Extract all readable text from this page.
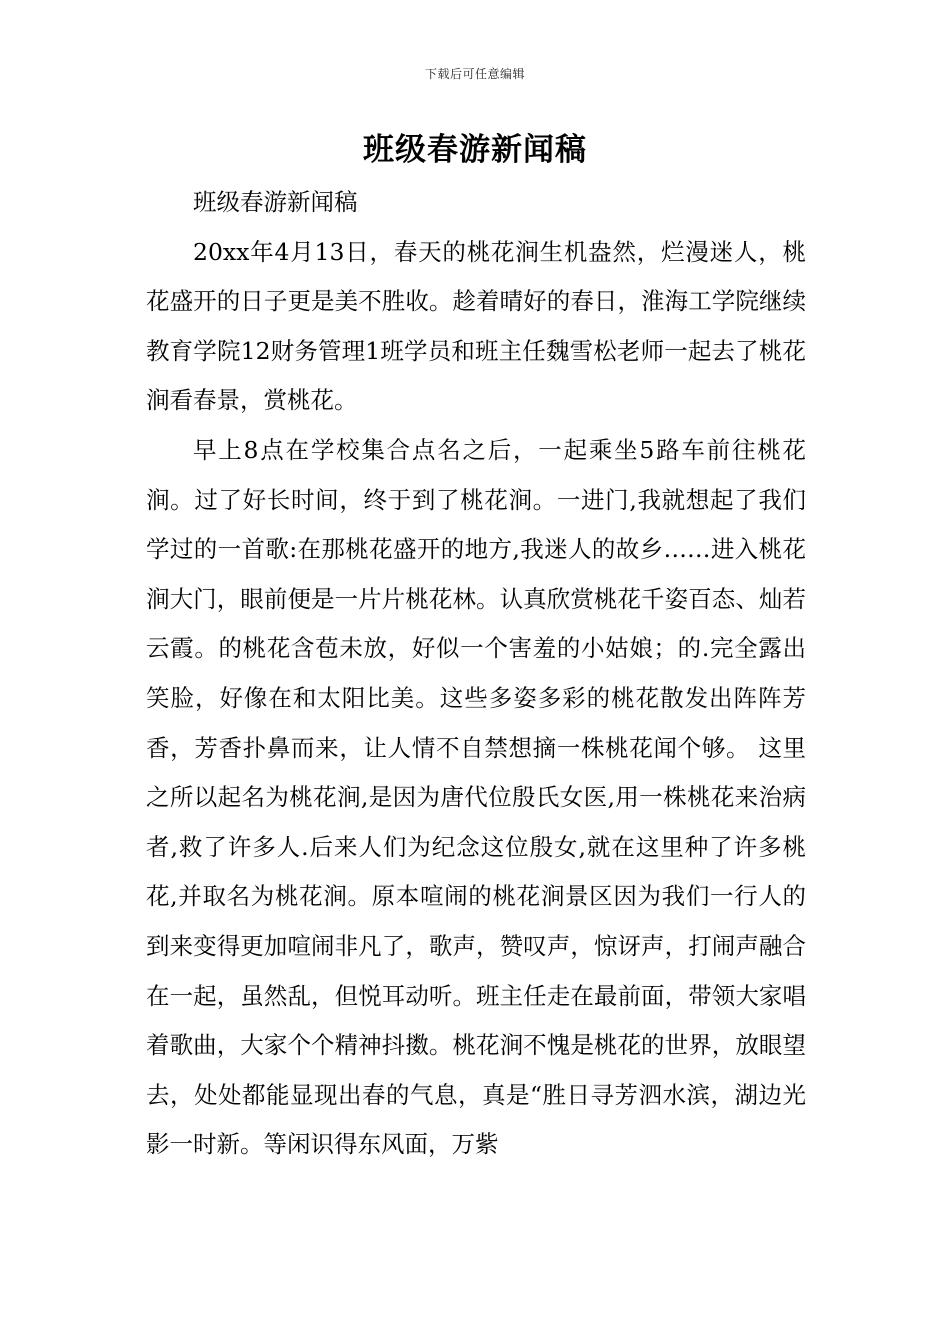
下载后可任意编辑
班级春游新闻稿

班级春游新闻稿

20xx年4月13日，春天的桃花涧生机盎然，烂漫迷人，桃花盛开的日子更是美不胜收。趁着晴好的春日，淮海工学院继续教育学院12财务管理1班学员和班主任魏雪松老师一起去了桃花涧看春景，赏桃花。

早上8点在学校集合点名之后，一起乘坐5路车前往桃花涧。过了好长时间，终于到了桃花涧。一进门,我就想起了我们学过的一首歌:在那桃花盛开的地方,我迷人的故乡……进入桃花涧大门，眼前便是一片片桃花林。认真欣赏桃花千姿百态、灿若云霞。的桃花含苞未放，好似一个害羞的小姑娘；的.完全露出笑脸，好像在和太阳比美。这些多姿多彩的桃花散发出阵阵芳香，芳香扑鼻而来，让人情不自禁想摘一株桃花闻个够。 这里之所以起名为桃花涧,是因为唐代位殷氏女医,用一株桃花来治病者,救了许多人.后来人们为纪念这位殷女,就在这里种了许多桃花,并取名为桃花涧。原本喧闹的桃花涧景区因为我们一行人的到来变得更加喧闹非凡了，歌声，赞叹声，惊讶声，打闹声融合在一起，虽然乱，但悦耳动听。班主任走在最前面，带领大家唱着歌曲，大家个个精神抖擞。桃花涧不愧是桃花的世界，放眼望去，处处都能显现出春的气息，真是“胜日寻芳泗水滨，湖边光影一时新。等闲识得东风面，万紫
